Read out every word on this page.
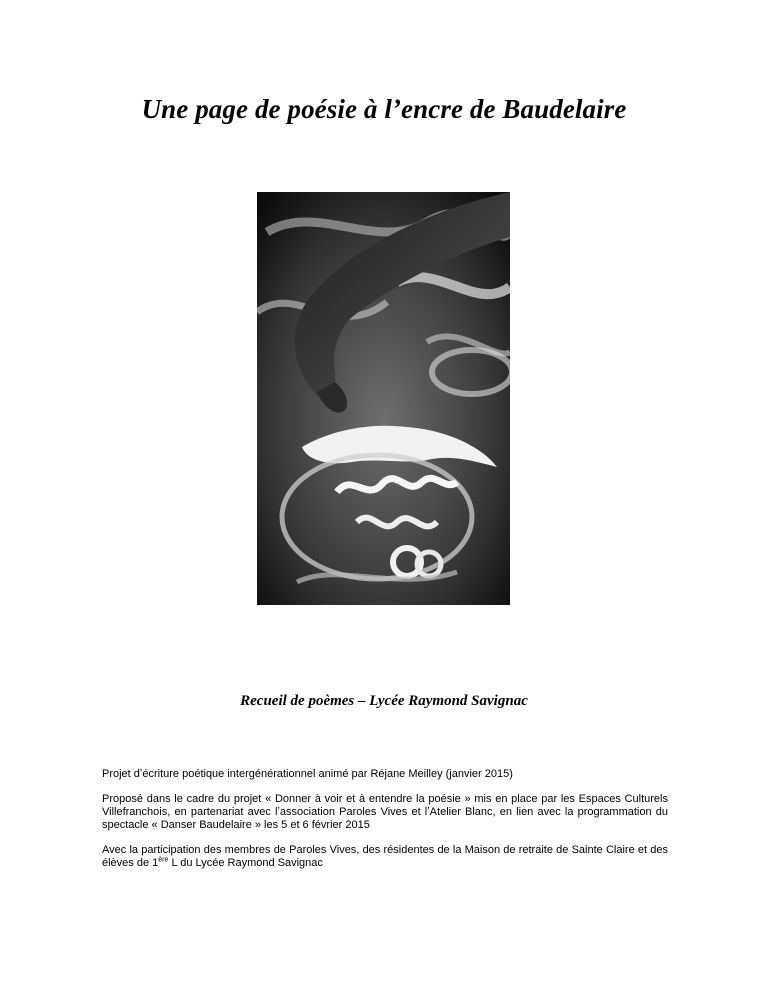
Une page de poésie à lʼencre de Baudelaire
Recueil de poèmes – Lycée Raymond Savignac

Projet dʼécriture poétique intergénérationnel animé par Réjane Meilley (janvier 2015)

Proposé dans le cadre du projet « Donner à voir et à entendre la poésie » mis en place par les Espaces Culturels Villefranchois, en partenariat avec lʼassociation Paroles Vives et lʼAtelier Blanc, en lien avec la programmation du spectacle « Danser Baudelaire » les 5 et 6 février 2015

Avec la participation des membres de Paroles Vives, des résidentes de la Maison de retraite de Sainte Claire et des élèves de 1ère L du Lycée Raymond Savignac
